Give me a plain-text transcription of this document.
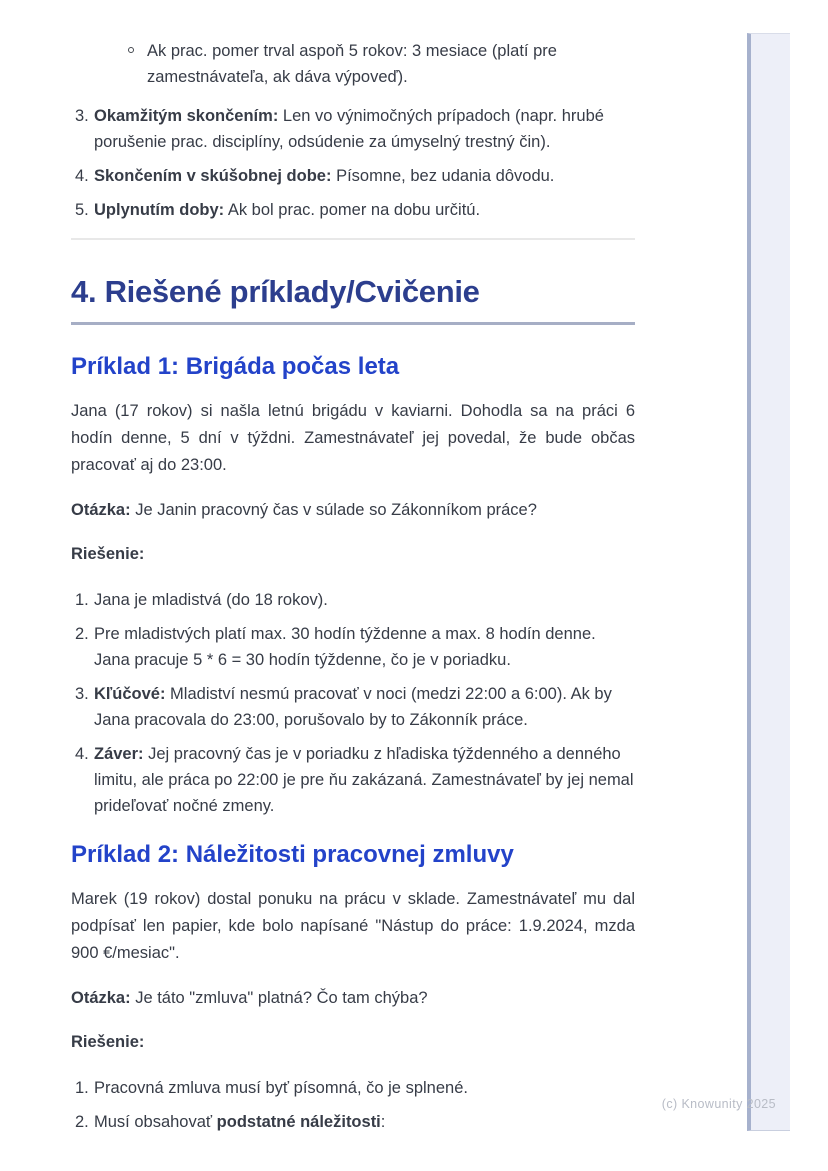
Ak prac. pomer trval aspoň 5 rokov: 3 mesiace (platí pre zamestnávateľa, ak dáva výpoveď).
3. Okamžitým skončením: Len vo výnimočných prípadoch (napr. hrubé porušenie prac. disciplíny, odsúdenie za úmyselný trestný čin).
4. Skončením v skúšobnej dobe: Písomne, bez udania dôvodu.
5. Uplynutím doby: Ak bol prac. pomer na dobu určitú.
4. Riešené príklady/Cvičenie
Príklad 1: Brigáda počas leta

Jana (17 rokov) si našla letnú brigádu v kaviarni. Dohodla sa na práci 6 hodín denne, 5 dní v týždni. Zamestnávateľ jej povedal, že bude občas pracovať aj do 23:00.

Otázka: Je Janin pracovný čas v súlade so Zákonníkom práce?

Riešenie:

1. Jana je mladistvá (do 18 rokov).
2. Pre mladistvých platí max. 30 hodín týždenne a max. 8 hodín denne. Jana pracuje 5 * 6 = 30 hodín týždenne, čo je v poriadku.
3. Kľúčové: Mladiství nesmú pracovať v noci (medzi 22:00 a 6:00). Ak by Jana pracovala do 23:00, porušovalo by to Zákonník práce.
4. Záver: Jej pracovný čas je v poriadku z hľadiska týždenného a denného limitu, ale práca po 22:00 je pre ňu zakázaná. Zamestnávateľ by jej nemal prideľovať nočné zmeny.
Príklad 2: Náležitosti pracovnej zmluvy

Marek (19 rokov) dostal ponuku na prácu v sklade. Zamestnávateľ mu dal podpísať len papier, kde bolo napísané "Nástup do práce: 1.9.2024, mzda 900 €/mesiac".

Otázka: Je táto "zmluva" platná? Čo tam chýba?

Riešenie:

1. Pracovná zmluva musí byť písomná, čo je splnené.
2. Musí obsahovať podstatné náležitosti:
(c) Knowunity 2025
